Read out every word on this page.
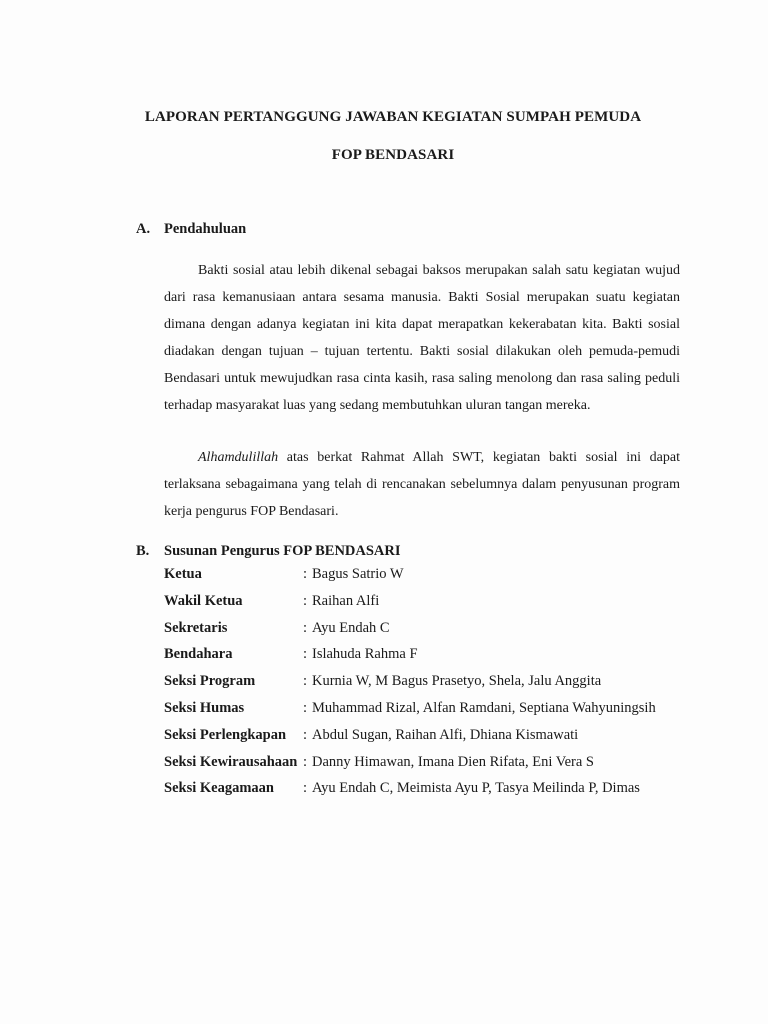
LAPORAN PERTANGGUNG JAWABAN KEGIATAN SUMPAH PEMUDA
FOP BENDASARI
A. Pendahuluan

Bakti sosial atau lebih dikenal sebagai baksos merupakan salah satu kegiatan wujud dari rasa kemanusiaan antara sesama manusia. Bakti Sosial merupakan suatu kegiatan dimana dengan adanya kegiatan ini kita dapat merapatkan kekerabatan kita. Bakti sosial diadakan dengan tujuan – tujuan tertentu. Bakti sosial dilakukan oleh pemuda-pemudi Bendasari untuk mewujudkan rasa cinta kasih, rasa saling menolong dan rasa saling peduli terhadap masyarakat luas yang sedang membutuhkan uluran tangan mereka.

Alhamdulillah atas berkat Rahmat Allah SWT, kegiatan bakti sosial ini dapat terlaksana sebagaimana yang telah di rencanakan sebelumnya dalam penyusunan program kerja pengurus FOP Bendasari.

B. Susunan Pengurus FOP BENDASARI
Ketua	: Bagus Satrio W
Wakil Ketua	: Raihan Alfi
Sekretaris	: Ayu Endah C
Bendahara	: Islahuda Rahma F
Seksi Program	: Kurnia W, M Bagus Prasetyo, Shela, Jalu Anggita
Seksi Humas	: Muhammad Rizal, Alfan Ramdani, Septiana Wahyuningsih
Seksi Perlengkapan : Abdul Sugan, Raihan Alfi, Dhiana Kismawati
Seksi Kewirausahaan : Danny Himawan, Imana Dien Rifata, Eni Vera S
Seksi Keagamaan : Ayu Endah C, Meimista Ayu P, Tasya Meilinda P, Dimas
